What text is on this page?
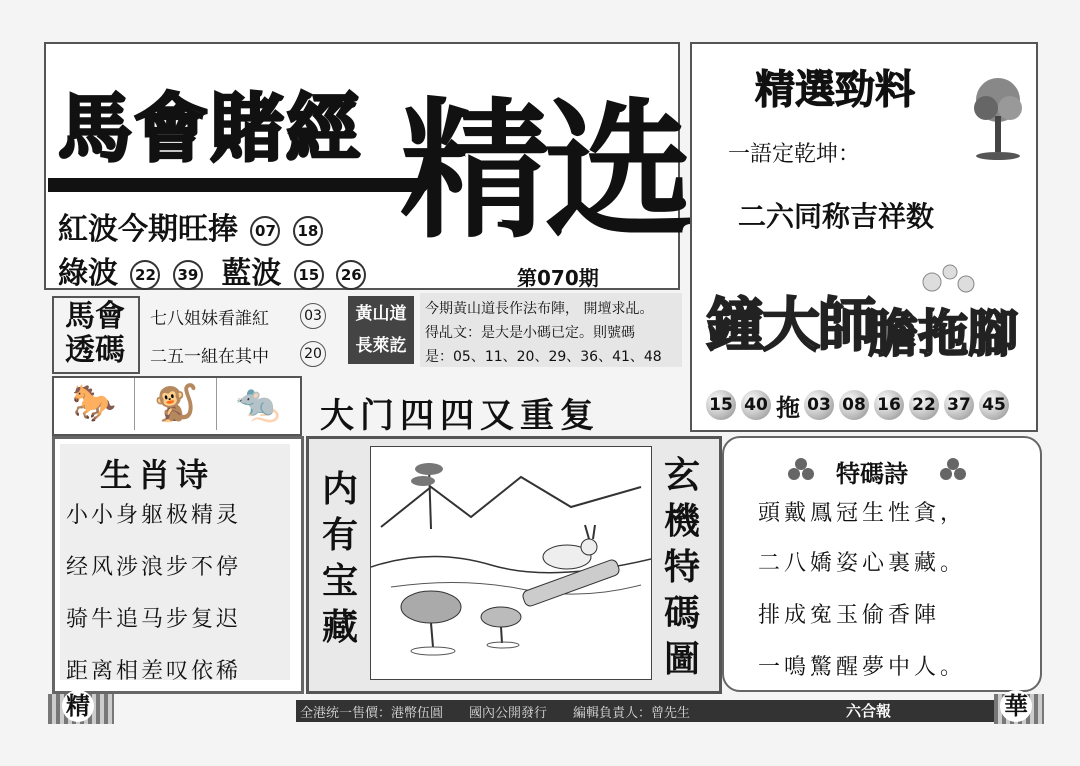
馬會賭經 精选
紅波今期旺捧 07 18
綠波 22 39 藍波 15 26	第070期
精選勁料
一語定乾坤：
二六同称吉祥数
鐘大師
膽拖腳
15 40 拖 03 08 16 22 37 45
馬會
透碼
七八姐妹看誰紅	03
二五一組在其中	20
黃山道
長萊訖
今期黃山道長作法布陣， 開壇求乩。
得乩文：是大是小碼已定。則號碼
是：05、11、20、29、36、41、48
🐎	🐒	🐀	大门四四又重复
生肖诗
小小身躯极精灵
经风涉浪步不停
骑牛追马步复迟
距离相差叹依稀
内
有
宝
藏
玄
機
特
碼
圖
特碼詩
頭戴鳳冠生性貪，
二八嬌姿心裏藏。
排成寃玉偷香陣
一鳴驚醒夢中人。
精	全港统一售價：港幣伍圓　　國內公開發行　　編輯負責人：曾先生	六合報	華
